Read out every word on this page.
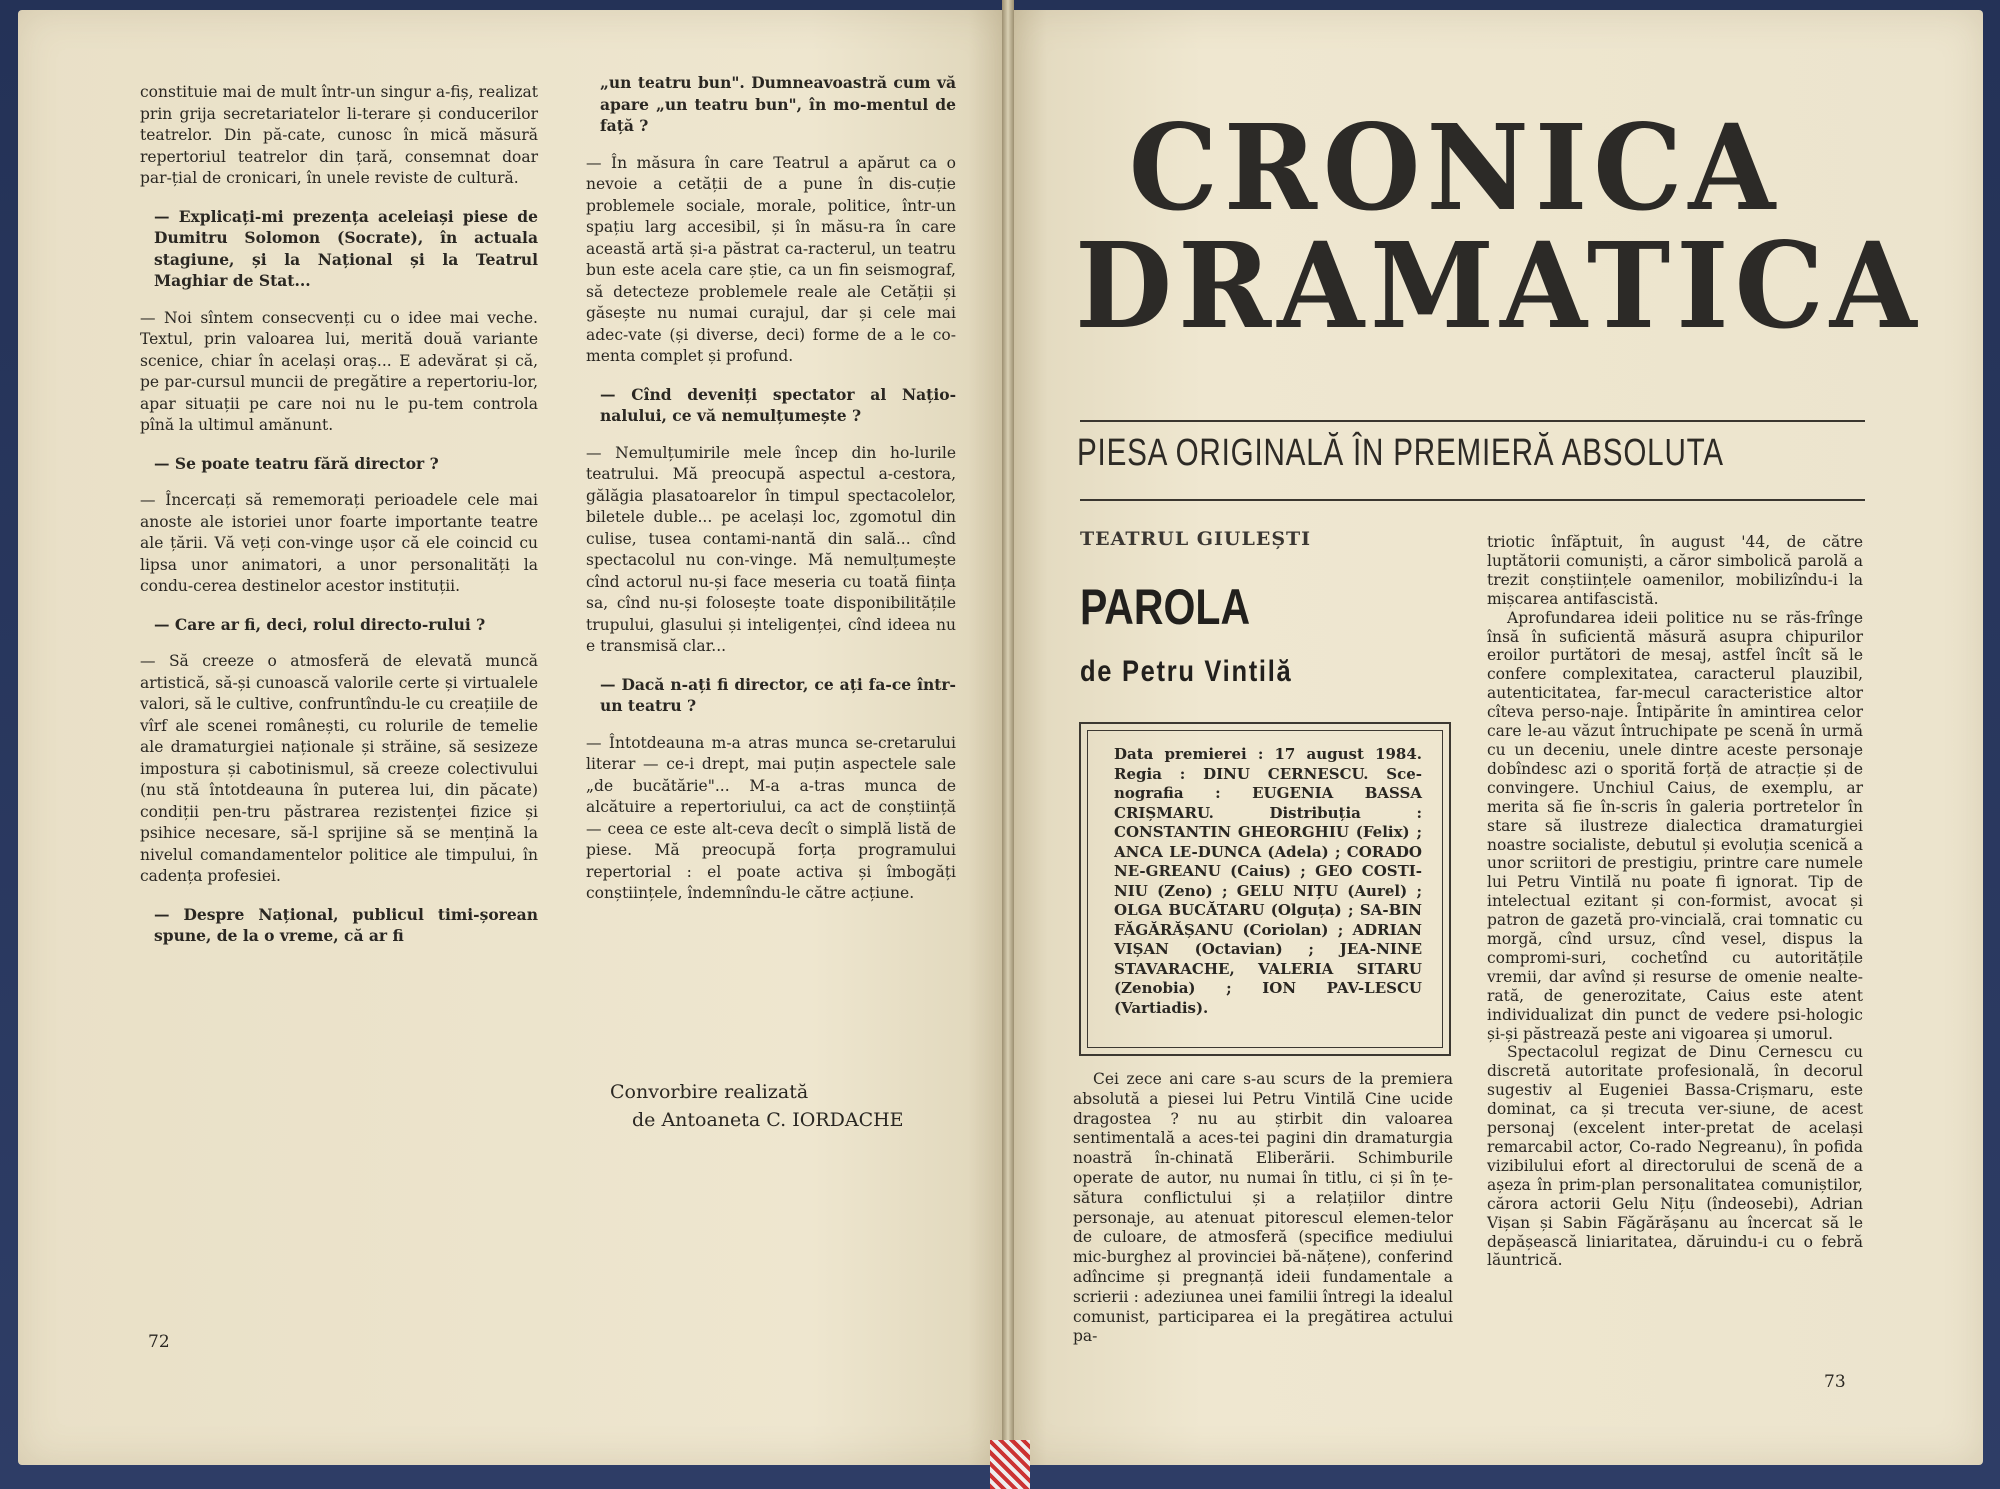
constituie mai de mult într-un singur a-fiș, realizat prin grija secretariatelor li-terare și conducerilor teatrelor. Din pă-cate, cunosc în mică măsură repertoriul teatrelor din țară, consemnat doar par-țial de cronicari, în unele reviste de cultură.

— Explicați-mi prezența aceleiași piese de Dumitru Solomon (Socrate), în actuala stagiune, și la Național și la Teatrul Maghiar de Stat...

— Noi sîntem consecvenți cu o idee mai veche. Textul, prin valoarea lui, merită două variante scenice, chiar în același oraș... E adevărat și că, pe par-cursul muncii de pregătire a repertoriu-lor, apar situații pe care noi nu le pu-tem controla pînă la ultimul amănunt.

— Se poate teatru fără director ?

— Încercați să rememorați perioadele cele mai anoste ale istoriei unor foarte importante teatre ale țării. Vă veți con-vinge ușor că ele coincid cu lipsa unor animatori, a unor personalități la condu-cerea destinelor acestor instituții.

— Care ar fi, deci, rolul directo-rului ?

— Să creeze o atmosferă de elevată muncă artistică, să-și cunoască valorile certe și virtualele valori, să le cultive, confruntîndu-le cu creațiile de vîrf ale scenei românești, cu rolurile de temelie ale dramaturgiei naționale și străine, să sesizeze impostura și cabotinismul, să creeze colectivului (nu stă întotdeauna în puterea lui, din păcate) condiții pen-tru păstrarea rezistenței fizice și psihice necesare, să-l sprijine să se mențină la nivelul comandamentelor politice ale timpului, în cadența profesiei.

— Despre Național, publicul timi-șorean spune, de la o vreme, că ar fi

„un teatru bun". Dumneavoastră cum vă apare „un teatru bun", în mo-mentul de față ?

— În măsura în care Teatrul a apărut ca o nevoie a cetății de a pune în dis-cuție problemele sociale, morale, politice, într-un spațiu larg accesibil, și în măsu-ra în care această artă și-a păstrat ca-racterul, un teatru bun este acela care știe, ca un fin seismograf, să detecteze problemele reale ale Cetății și găsește nu numai curajul, dar și cele mai adec-vate (și diverse, deci) forme de a le co-menta complet și profund.

— Cînd deveniți spectator al Națio-nalului, ce vă nemulțumește ?

— Nemulțumirile mele încep din ho-lurile teatrului. Mă preocupă aspectul a-cestora, gălăgia plasatoarelor în timpul spectacolelor, biletele duble... pe același loc, zgomotul din culise, tusea contami-nantă din sală... cînd spectacolul nu con-vinge. Mă nemulțumește cînd actorul nu-și face meseria cu toată ființa sa, cînd nu-și folosește toate disponibilitățile trupului, glasului și inteligenței, cînd ideea nu e transmisă clar...

— Dacă n-ați fi director, ce ați fa-ce într-un teatru ?

— Întotdeauna m-a atras munca se-cretarului literar — ce-i drept, mai puțin aspectele sale „de bucătărie"... M-a a-tras munca de alcătuire a repertoriului, ca act de conștiință — ceea ce este alt-ceva decît o simplă listă de piese. Mă preocupă forța programului repertorial : el poate activa și îmbogăți conștiințele, îndemnîndu-le către acțiune.

Convorbire realizată
de Antoaneta C. IORDACHE
72
CRONICA
DRAMATICA
PIESA ORIGINALĂ ÎN PREMIERĂ ABSOLUTA
TEATRUL GIULEȘTI
PAROLA
de Petru Vintilă
Data premierei : 17 august 1984. Regia : DINU CERNESCU. Sce-nografia : EUGENIA BASSA CRIȘMARU. Distribuția : CONSTANTIN GHEORGHIU (Felix) ; ANCA LE-DUNCA (Adela) ; CORADO NE-GREANU (Caius) ; GEO COSTI-NIU (Zeno) ; GELU NIȚU (Aurel) ; OLGA BUCĂTARU (Olguța) ; SA-BIN FĂGĂRĂȘANU (Coriolan) ; ADRIAN VIȘAN (Octavian) ; JEA-NINE STAVARACHE, VALERIA SITARU (Zenobia) ; ION PAV-LESCU (Vartiadis).

Cei zece ani care s-au scurs de la premiera absolută a piesei lui Petru Vintilă Cine ucide dragostea ? nu au știrbit din valoarea sentimentală a aces-tei pagini din dramaturgia noastră în-chinată Eliberării. Schimburile operate de autor, nu numai în titlu, ci și în țe-sătura conflictului și a relațiilor dintre personaje, au atenuat pitorescul elemen-telor de culoare, de atmosferă (specifice mediului mic-burghez al provinciei bă-nățene), conferind adîncime și pregnanță ideii fundamentale a scrierii : adeziunea unei familii întregi la idealul comunist, participarea ei la pregătirea actului pa-

triotic înfăptuit, în august '44, de către luptătorii comuniști, a căror simbolică parolă a trezit conștiințele oamenilor, mobilizîndu-i la mișcarea antifascistă.

Aprofundarea ideii politice nu se răs-frînge însă în suficientă măsură asupra chipurilor eroilor purtători de mesaj, astfel încît să le confere complexitatea, caracterul plauzibil, autenticitatea, far-mecul caracteristice altor cîteva perso-naje. Întipărite în amintirea celor care le-au văzut întruchipate pe scenă în urmă cu un deceniu, unele dintre aceste personaje dobîndesc azi o sporită forță de atracție și de convingere. Unchiul Caius, de exemplu, ar merita să fie în-scris în galeria portretelor în stare să ilustreze dialectica dramaturgiei noastre socialiste, debutul și evoluția scenică a unor scriitori de prestigiu, printre care numele lui Petru Vintilă nu poate fi ignorat. Tip de intelectual ezitant și con-formist, avocat și patron de gazetă pro-vincială, crai tomnatic cu morgă, cînd ursuz, cînd vesel, dispus la compromi-suri, cochetînd cu autoritățile vremii, dar avînd și resurse de omenie nealte-rată, de generozitate, Caius este atent individualizat din punct de vedere psi-hologic și-și păstrează peste ani vigoarea și umorul.

Spectacolul regizat de Dinu Cernescu cu discretă autoritate profesională, în decorul sugestiv al Eugeniei Bassa-Crișmaru, este dominat, ca și trecuta ver-siune, de acest personaj (excelent inter-pretat de același remarcabil actor, Co-rado Negreanu), în pofida vizibilului efort al directorului de scenă de a așeza în prim-plan personalitatea comuniștilor, cărora actorii Gelu Nițu (îndeosebi), Adrian Vișan și Sabin Făgărășanu au încercat să le depășească liniaritatea, dăruindu-i cu o febră lăuntrică.

73
